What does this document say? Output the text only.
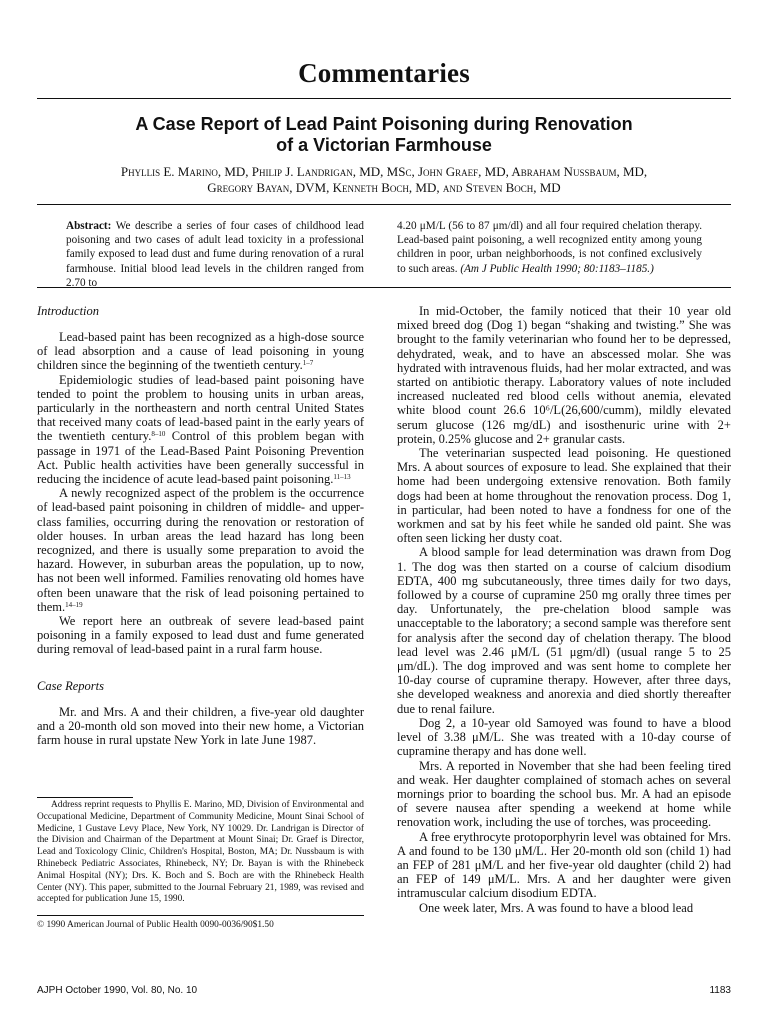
Commentaries
A Case Report of Lead Paint Poisoning during Renovation
of a Victorian Farmhouse
Phyllis E. Marino, MD, Philip J. Landrigan, MD, MSc, John Graef, MD, Abraham Nussbaum, MD,
Gregory Bayan, DVM, Kenneth Boch, MD, and Steven Boch, MD

Abstract: We describe a series of four cases of childhood lead poisoning and two cases of adult lead toxicity in a professional family exposed to lead dust and fume during renovation of a rural farmhouse. Initial blood lead levels in the children ranged from 2.70 to

4.20 μM/L (56 to 87 μm/dl) and all four required chelation therapy. Lead-based paint poisoning, a well recognized entity among young children in poor, urban neighborhoods, is not confined exclusively to such areas. (Am J Public Health 1990; 80:1183–1185.)

Introduction

Lead-based paint has been recognized as a high-dose source of lead absorption and a cause of lead poisoning in young children since the beginning of the twentieth century.$^{1-7}$

Epidemiologic studies of lead-based paint poisoning have tended to point the problem to housing units in urban areas, particularly in the northeastern and north central United States that received many coats of lead-based paint in the early years of the twentieth century.$^{8-10}$ Control of this problem began with passage in 1971 of the Lead-Based Paint Poisoning Prevention Act. Public health activities have been generally successful in reducing the incidence of acute lead-based paint poisoning.$^{11-13}$

A newly recognized aspect of the problem is the occurrence of lead-based paint poisoning in children of middle- and upper-class families, occurring during the renovation or restoration of older houses. In urban areas the lead hazard has long been recognized, and there is usually some preparation to avoid the hazard. However, in suburban areas the population, up to now, has not been well informed. Families renovating old homes have often been unaware that the risk of lead poisoning pertained to them.$^{14-19}$

We report here an outbreak of severe lead-based paint poisoning in a family exposed to lead dust and fume generated during removal of lead-based paint in a rural farm house.

Case Reports

Mr. and Mrs. A and their children, a five-year old daughter and a 20-month old son moved into their new home, a Victorian farm house in rural upstate New York in late June 1987.

Address reprint requests to Phyllis E. Marino, MD, Division of Environmental and Occupational Medicine, Department of Community Medicine, Mount Sinai School of Medicine, 1 Gustave Levy Place, New York, NY 10029. Dr. Landrigan is Director of the Division and Chairman of the Department at Mount Sinai; Dr. Graef is Director, Lead and Toxicology Clinic, Children's Hospital, Boston, MA; Dr. Nussbaum is with Rhinebeck Pediatric Associates, Rhinebeck, NY; Dr. Bayan is with the Rhinebeck Animal Hospital (NY); Drs. K. Boch and S. Boch are with the Rhinebeck Health Center (NY). This paper, submitted to the Journal February 21, 1989, was revised and accepted for publication June 15, 1990.

© 1990 American Journal of Public Health 0090-0036/90$1.50

In mid-October, the family noticed that their 10 year old mixed breed dog (Dog 1) began “shaking and twisting.” She was brought to the family veterinarian who found her to be depressed, dehydrated, weak, and to have an abscessed molar. She was hydrated with intravenous fluids, had her molar extracted, and was started on antibiotic therapy. Laboratory values of note included increased nucleated red blood cells without anemia, elevated white blood count 26.6 10⁶/L(26,600/cumm), mildly elevated serum glucose (126 mg/dL) and isosthenuric urine with 2+ protein, 0.25% glucose and 2+ granular casts.

The veterinarian suspected lead poisoning. He questioned Mrs. A about sources of exposure to lead. She explained that their home had been undergoing extensive renovation. Both family dogs had been at home throughout the renovation process. Dog 1, in particular, had been noted to have a fondness for one of the workmen and sat by his feet while he sanded old paint. She was often seen licking her dusty coat.

A blood sample for lead determination was drawn from Dog 1. The dog was then started on a course of calcium disodium EDTA, 400 mg subcutaneously, three times daily for two days, followed by a course of cupramine 250 mg orally three times per day. Unfortunately, the pre-chelation blood sample was unacceptable to the laboratory; a second sample was therefore sent for analysis after the second day of chelation therapy. The blood lead level was 2.46 μM/L (51 μgm/dl) (usual range 5 to 25 μm/dL). The dog improved and was sent home to complete her 10-day course of cupramine therapy. However, after three days, she developed weakness and anorexia and died shortly thereafter due to renal failure.

Dog 2, a 10-year old Samoyed was found to have a blood level of 3.38 μM/L. She was treated with a 10-day course of cupramine therapy and has done well.

Mrs. A reported in November that she had been feeling tired and weak. Her daughter complained of stomach aches on several mornings prior to boarding the school bus. Mr. A had an episode of severe nausea after spending a weekend at home while renovation work, including the use of torches, was proceeding.

A free erythrocyte protoporphyrin level was obtained for Mrs. A and found to be 130 μM/L. Her 20-month old son (child 1) had an FEP of 281 μM/L and her five-year old daughter (child 2) had an FEP of 149 μM/L. Mrs. A and her daughter were given intramuscular calcium disodium EDTA.

One week later, Mrs. A was found to have a blood lead

AJPH October 1990, Vol. 80, No. 10	1183
